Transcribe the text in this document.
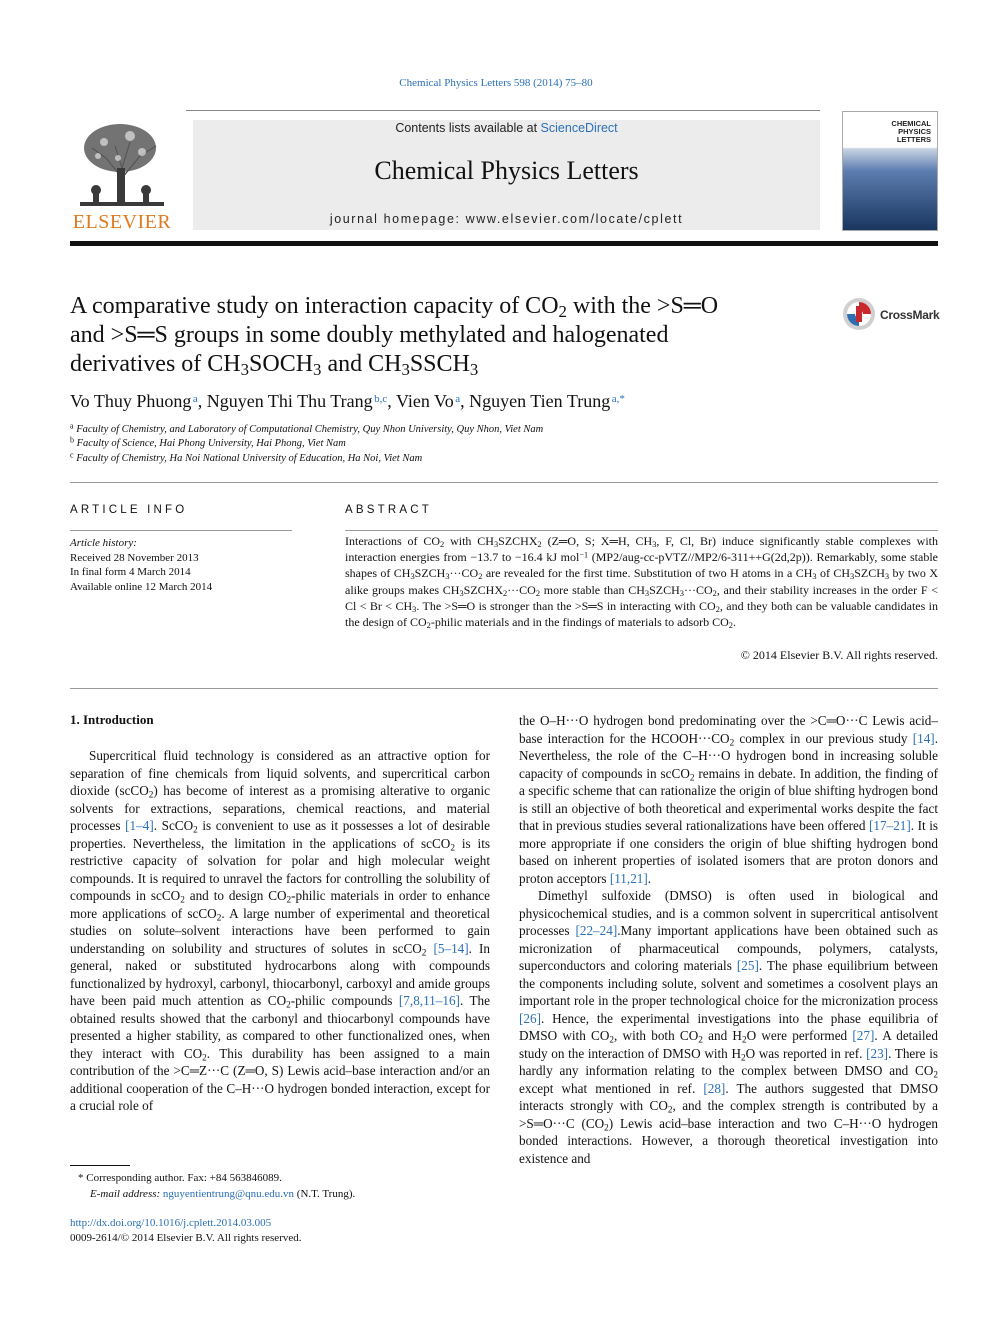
Chemical Physics Letters 598 (2014) 75–80
ELSEVIER
Contents lists available at ScienceDirect
Chemical Physics Letters
journal homepage: www.elsevier.com/locate/cplett
CHEMICAL
PHYSICS
LETTERS
A comparative study on interaction capacity of $CO_2$ with the >S═O
and >S═S groups in some doubly methylated and halogenated
derivatives of $CH_3SOCH_3$ and $CH_3SSCH_3$
CrossMark
Vo Thuy Phuong  $^a$, Nguyen Thi Thu Trang  $^{b,c}$, Vien Vo  $^a$, Nguyen Tien Trung  $^{a,*}$
$^a$ Faculty of Chemistry, and Laboratory of Computational Chemistry, Quy Nhon University, Quy Nhon, Viet Nam
$^b$ Faculty of Science, Hai Phong University, Hai Phong, Viet Nam
$^c$ Faculty of Chemistry, Ha Noi National University of Education, Ha Noi, Viet Nam
ARTICLE INFO
Article history:
Received 28 November 2013
In final form 4 March 2014
Available online 12 March 2014
ABSTRACT
Interactions of $CO_2$ with $CH_3SZCHX_2$ (Z═O, S; X═H, $CH_3$, F, Cl, Br) induce significantly stable complexes with interaction energies from −13.7 to −16.4 kJ mol$^{-1}$ (MP2/aug-cc-pVTZ//MP2/6-311++G(2d,2p)). Remarkably, some stable shapes of $CH_3SZCH_3\cdot\cdot\cdot CO_2$ are revealed for the first time. Substitution of two H atoms in a $CH_3$ of $CH_3SZCH_3$ by two X alike groups makes $CH_3SZCHX_2\cdot\cdot\cdot CO_2$ more stable than $CH_3SZCH_3\cdot\cdot\cdot CO_2$, and their stability increases in the order $F < Cl < Br < CH_3$. The >S═O is stronger than the >S═S in interacting with $CO_2$, and they both can be valuable candidates in the design of $CO_2$-philic materials and in the findings of materials to adsorb $CO_2$.
© 2014 Elsevier B.V. All rights reserved.
1. Introduction

Supercritical fluid technology is considered as an attractive option for separation of fine chemicals from liquid solvents, and supercritical carbon dioxide (scCO$_2$) has become of interest as a promising alterative to organic solvents for extractions, separations, chemical reactions, and material processes [1–4]. ScCO$_2$ is convenient to use as it possesses a lot of desirable properties. Nevertheless, the limitation in the applications of scCO$_2$ is its restrictive capacity of solvation for polar and high molecular weight compounds. It is required to unravel the factors for controlling the solubility of compounds in scCO$_2$ and to design $CO_2$-philic materials in order to enhance more applications of scCO$_2$. A large number of experimental and theoretical studies on solute–solvent interactions have been performed to gain understanding on solubility and structures of solutes in scCO$_2$ [5–14]. In general, naked or substituted hydrocarbons along with compounds functionalized by hydroxyl, carbonyl, thiocarbonyl, carboxyl and amide groups have been paid much attention as $CO_2$-philic compounds [7,8,11–16]. The obtained results showed that the carbonyl and thiocarbonyl compounds have presented a higher stability, as compared to other functionalized ones, when they interact with $CO_2$. This durability has been assigned to a main contribution of the >C═Z···C (Z═O, S) Lewis acid–base interaction and/or an additional cooperation of the C–H···O hydrogen bonded interaction, except for a crucial role of

the O–H···O hydrogen bond predominating over the >C═O···C Lewis acid–base interaction for the $HCOOH\cdot\cdot\cdot CO_2$ complex in our previous study [14]. Nevertheless, the role of the C–H···O hydrogen bond in increasing soluble capacity of compounds in scCO$_2$ remains in debate. In addition, the finding of a specific scheme that can rationalize the origin of blue shifting hydrogen bond is still an objective of both theoretical and experimental works despite the fact that in previous studies several rationalizations have been offered [17–21]. It is more appropriate if one considers the origin of blue shifting hydrogen bond based on inherent properties of isolated isomers that are proton donors and proton acceptors [11,21].

Dimethyl sulfoxide (DMSO) is often used in biological and physicochemical studies, and is a common solvent in supercritical antisolvent processes [22–24].Many important applications have been obtained such as micronization of pharmaceutical compounds, polymers, catalysts, superconductors and coloring materials [25]. The phase equilibrium between the components including solute, solvent and sometimes a cosolvent plays an important role in the proper technological choice for the micronization process [26]. Hence, the experimental investigations into the phase equilibria of DMSO with $CO_2$, with both $CO_2$ and $H_2O$ were performed [27]. A detailed study on the interaction of DMSO with $H_2O$ was reported in ref. [23]. There is hardly any information relating to the complex between DMSO and $CO_2$ except what mentioned in ref. [28]. The authors suggested that DMSO interacts strongly with $CO_2$, and the complex strength is contributed by a >S═O···C $(CO_2)$ Lewis acid–base interaction and two C–H···O hydrogen bonded interactions. However, a thorough theoretical investigation into existence and

* Corresponding author. Fax: +84 563846089.
E-mail address: nguyentientrung@qnu.edu.vn (N.T. Trung).
http://dx.doi.org/10.1016/j.cplett.2014.03.005
0009-2614/© 2014 Elsevier B.V. All rights reserved.
